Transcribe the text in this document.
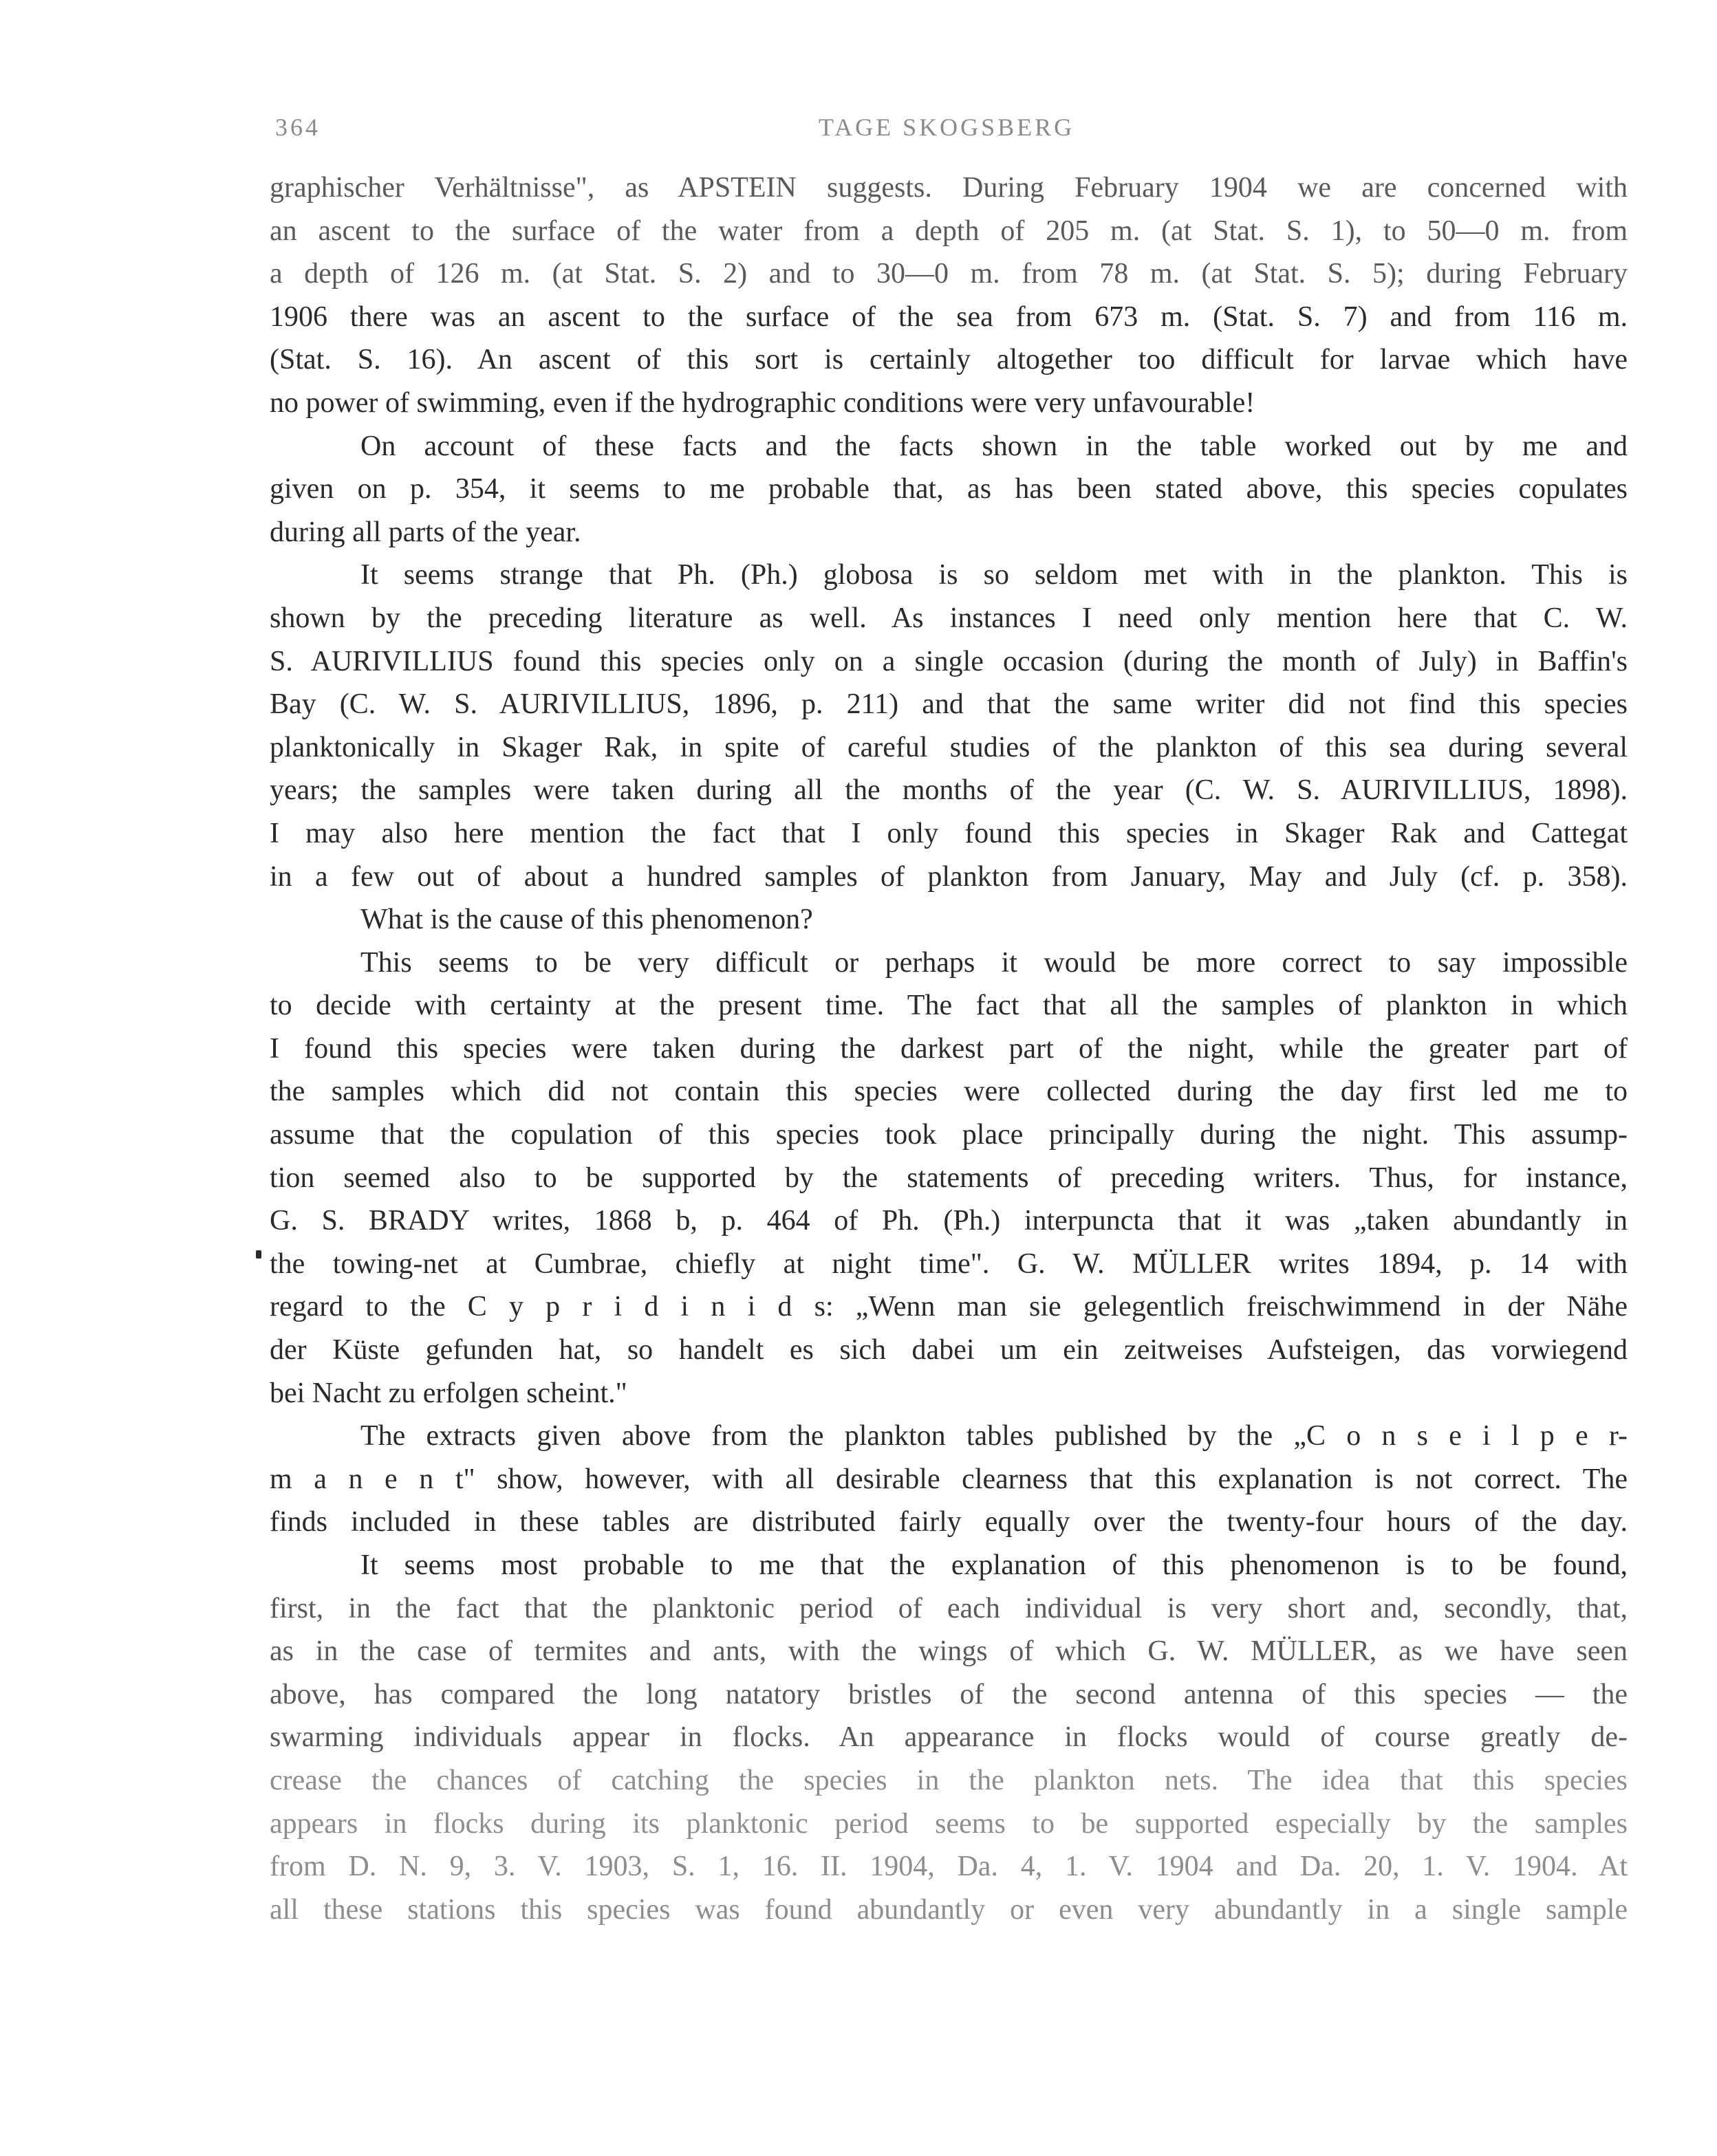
364	TAGE SKOGSBERG
graphischer Verhältnisse", as APSTEIN suggests. During February 1904 we are concerned with
an ascent to the surface of the water from a depth of 205 m. (at Stat. S. 1), to 50—0 m. from
a depth of 126 m. (at Stat. S. 2) and to 30—0 m. from 78 m. (at Stat. S. 5); during February
1906 there was an ascent to the surface of the sea from 673 m. (Stat. S. 7) and from 116 m.
(Stat. S. 16). An ascent of this sort is certainly altogether too difficult for larvae which have
no power of swimming, even if the hydrographic conditions were very unfavourable!
On account of these facts and the facts shown in the table worked out by me and
given on p. 354, it seems to me probable that, as has been stated above, this species copulates
during all parts of the year.
It seems strange that Ph. (Ph.) globosa is so seldom met with in the plankton. This is
shown by the preceding literature as well. As instances I need only mention here that C. W.
S. AURIVILLIUS found this species only on a single occasion (during the month of July) in Baffin's
Bay (C. W. S. AURIVILLIUS, 1896, p. 211) and that the same writer did not find this species
planktonically in Skager Rak, in spite of careful studies of the plankton of this sea during several
years; the samples were taken during all the months of the year (C. W. S. AURIVILLIUS, 1898).
I may also here mention the fact that I only found this species in Skager Rak and Cattegat
in a few out of about a hundred samples of plankton from January, May and July (cf. p. 358).
What is the cause of this phenomenon?
This seems to be very difficult or perhaps it would be more correct to say impossible
to decide with certainty at the present time. The fact that all the samples of plankton in which
I found this species were taken during the darkest part of the night, while the greater part of
the samples which did not contain this species were collected during the day first led me to
assume that the copulation of this species took place principally during the night. This assump-
tion seemed also to be supported by the statements of preceding writers. Thus, for instance,
G. S. BRADY writes, 1868 b, p. 464 of Ph. (Ph.) interpuncta that it was „taken abundantly in
the towing-net at Cumbrae, chiefly at night time". G. W. MÜLLER writes 1894, p. 14 with
regard to the C y p r i d i n i d s: „Wenn man sie gelegentlich freischwimmend in der Nähe
der Küste gefunden hat, so handelt es sich dabei um ein zeitweises Aufsteigen, das vorwiegend
bei Nacht zu erfolgen scheint."
The extracts given above from the plankton tables published by the „C o n s e i l p e r-
m a n e n t" show, however, with all desirable clearness that this explanation is not correct. The
finds included in these tables are distributed fairly equally over the twenty-four hours of the day.
It seems most probable to me that the explanation of this phenomenon is to be found,
first, in the fact that the planktonic period of each individual is very short and, secondly, that,
as in the case of termites and ants, with the wings of which G. W. MÜLLER, as we have seen
above, has compared the long natatory bristles of the second antenna of this species — the
swarming individuals appear in flocks. An appearance in flocks would of course greatly de-
crease the chances of catching the species in the plankton nets. The idea that this species
appears in flocks during its planktonic period seems to be supported especially by the samples
from D. N. 9, 3. V. 1903, S. 1, 16. II. 1904, Da. 4, 1. V. 1904 and Da. 20, 1. V. 1904. At
all these stations this species was found abundantly or even very abundantly in a single sample
